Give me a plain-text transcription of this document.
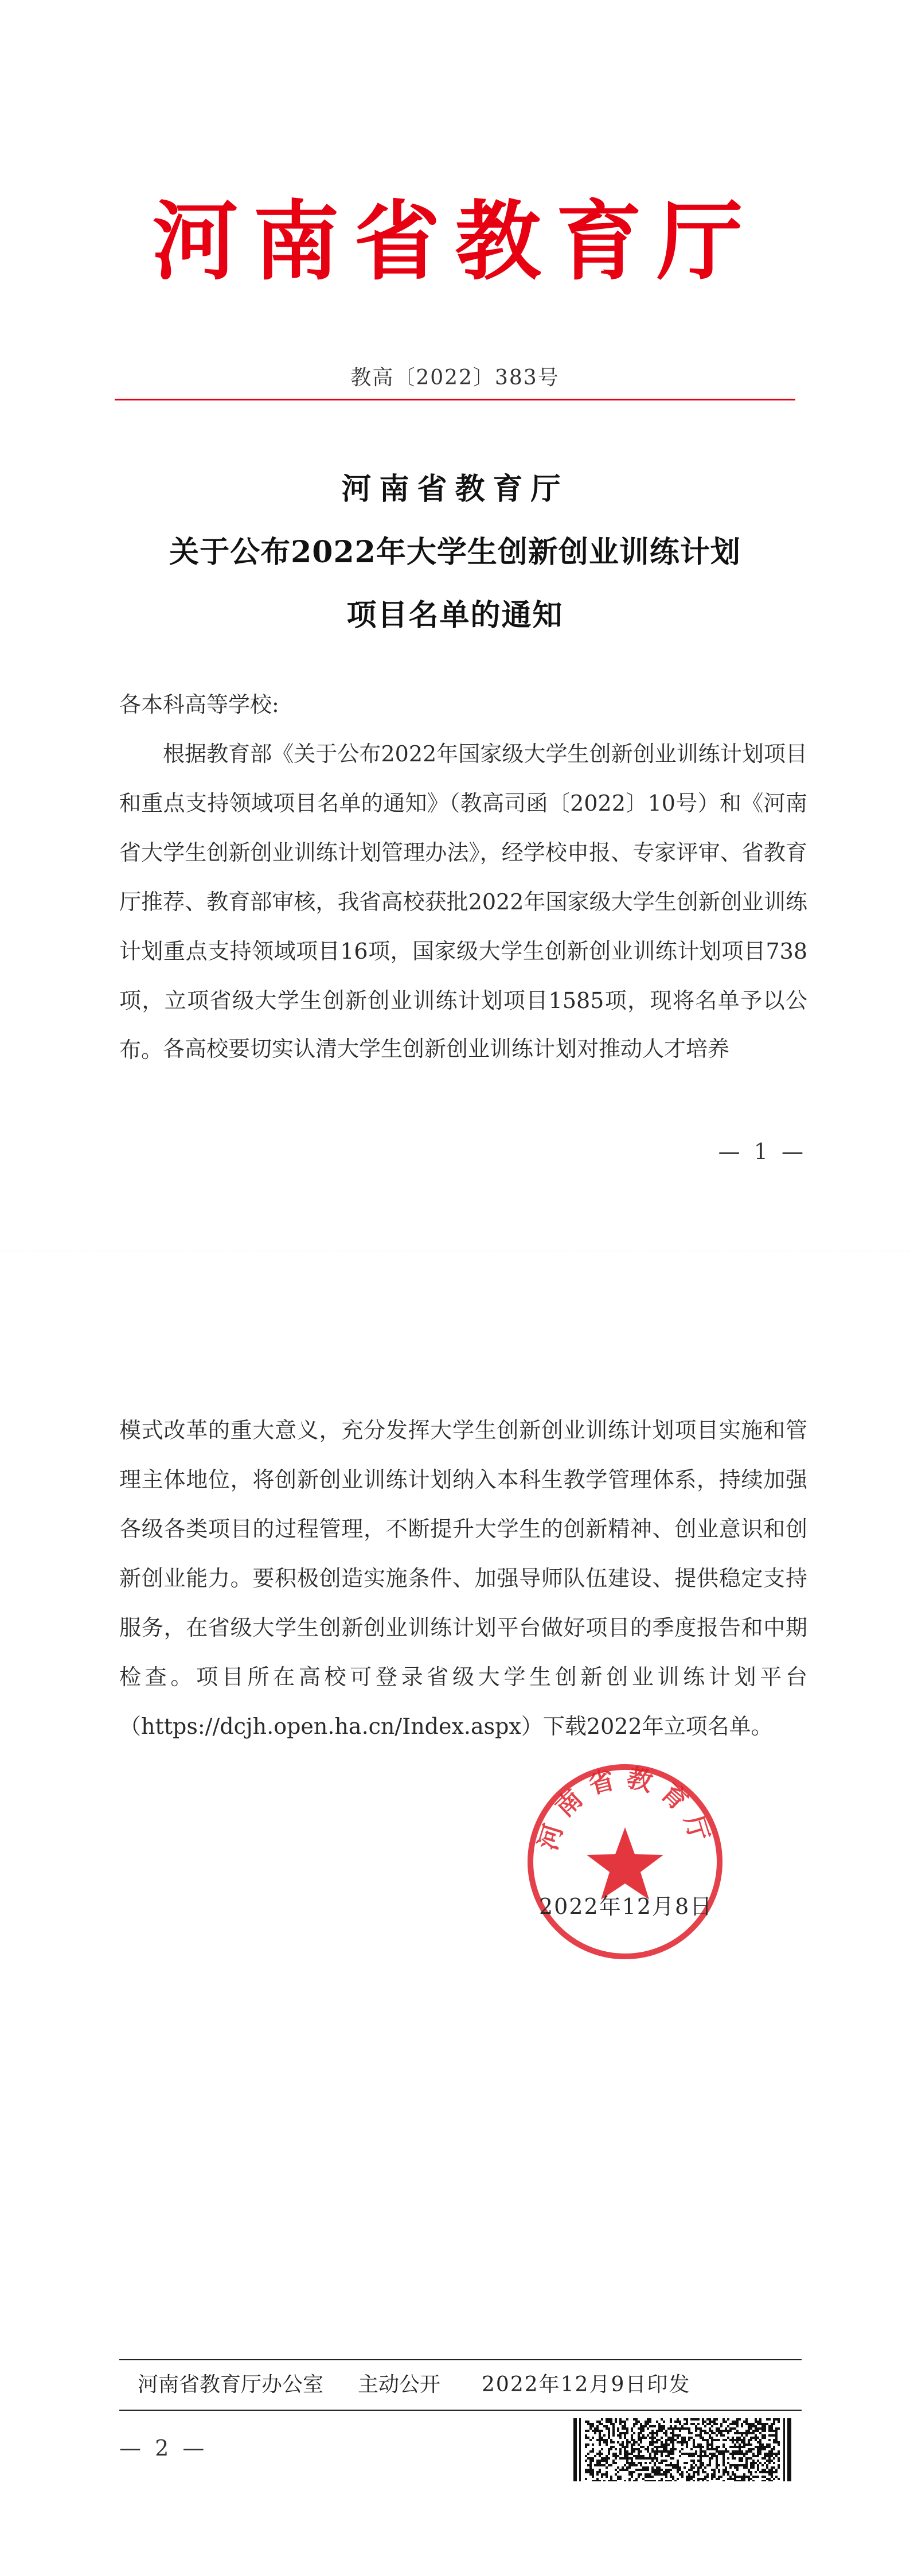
河南省教育厅
教高〔2022〕383号
河南省教育厅
关于公布2022年大学生创新创业训练计划
项目名单的通知

各本科高等学校:

根据教育部《关于公布2022年国家级大学生创新创业训练计划项目和重点支持领域项目名单的通知》（教高司函〔2022〕10号）和《河南省大学生创新创业训练计划管理办法》，经学校申报、专家评审、省教育厅推荐、教育部审核，我省高校获批2022年国家级大学生创新创业训练计划重点支持领域项目16项，国家级大学生创新创业训练计划项目738项，立项省级大学生创新创业训练计划项目1585项，现将名单予以公布。 各高校要切实认清大学生创新创业训练计划对推动人才培养

— 1 —

模式改革的重大意义，充分发挥大学生创新创业训练计划项目实施和管理主体地位，将创新创业训练计划纳入本科生教学管理体系，持续加强各级各类项目的过程管理，不断提升大学生的创新精神、创业意识和创新创业能力。要积极创造实施条件、加强导师队伍建设、提供稳定支持服务，在省级大学生创新创业训练计划平台做好项目的季度报告和中期检查。项目所在高校可登录省级大学生创新创业训练计划平台（https://dcjh.open.ha.cn/Index.aspx）下载2022年立项名单。

河南省教育厅
2022年12月8日
河南省教育厅办公室 主动公开 2022年12月9日印发
— 2 —
